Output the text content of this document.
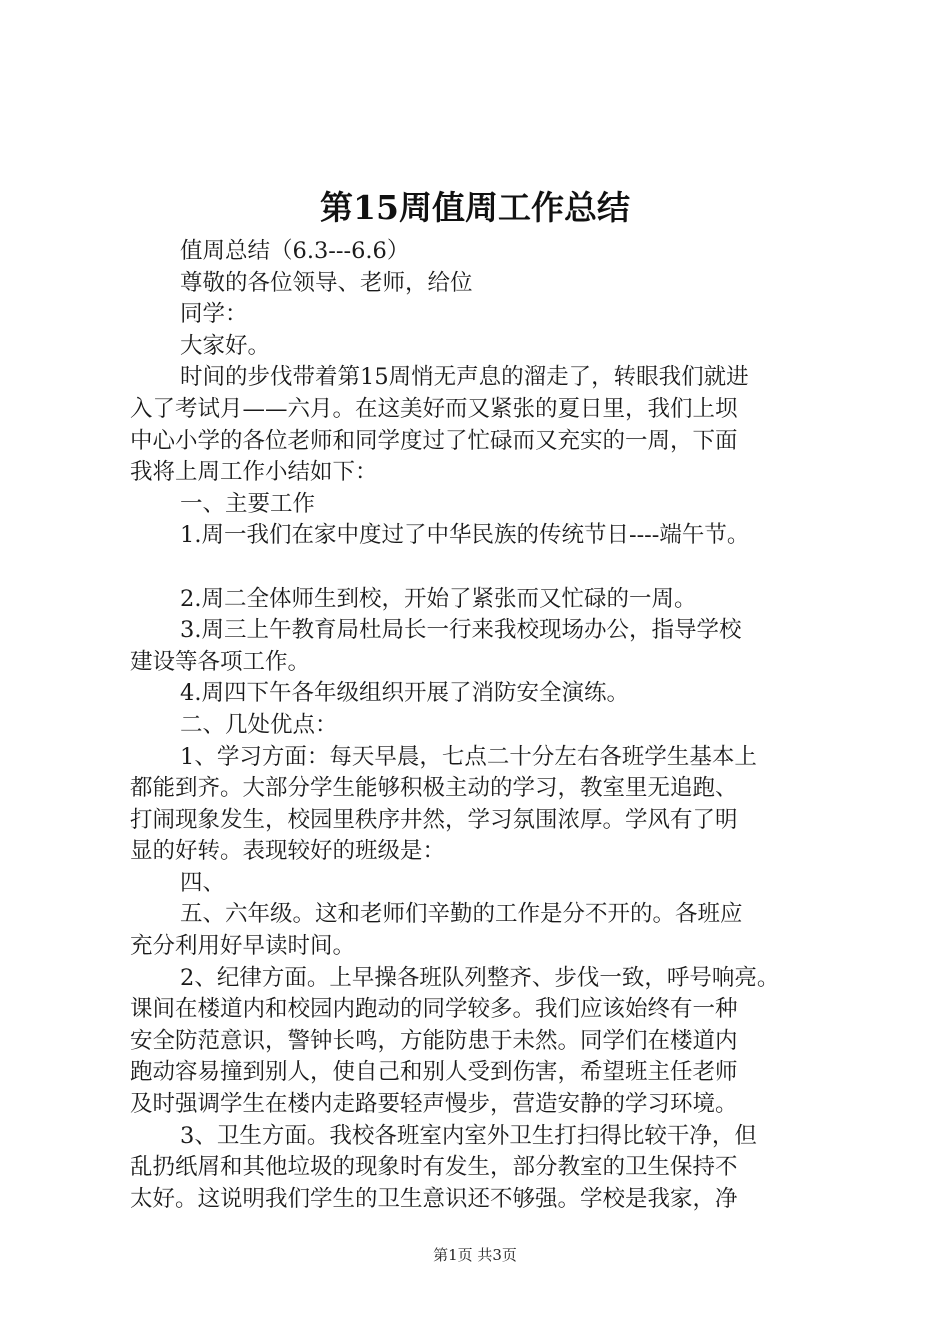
第15周值周工作总结
值周总结（6.3---6.6）
尊敬的各位领导、老师，给位
同学：
大家好。
时间的步伐带着第15周悄无声息的溜走了，转眼我们就进
入了考试月——六月。在这美好而又紧张的夏日里，我们上坝
中心小学的各位老师和同学度过了忙碌而又充实的一周，下面
我将上周工作小结如下：
一、主要工作
1.周一我们在家中度过了中华民族的传统节日----端午节。
2.周二全体师生到校，开始了紧张而又忙碌的一周。
3.周三上午教育局杜局长一行来我校现场办公，指导学校
建设等各项工作。
4.周四下午各年级组织开展了消防安全演练。
二、几处优点：
1、学习方面：每天早晨，七点二十分左右各班学生基本上
都能到齐。大部分学生能够积极主动的学习，教室里无追跑、
打闹现象发生，校园里秩序井然，学习氛围浓厚。学风有了明
显的好转。表现较好的班级是：
四、
五、六年级。这和老师们辛勤的工作是分不开的。各班应
充分利用好早读时间。
2、纪律方面。上早操各班队列整齐、步伐一致，呼号响亮。
课间在楼道内和校园内跑动的同学较多。我们应该始终有一种
安全防范意识，警钟长鸣，方能防患于未然。同学们在楼道内
跑动容易撞到别人，使自己和别人受到伤害，希望班主任老师
及时强调学生在楼内走路要轻声慢步，营造安静的学习环境。
3、卫生方面。我校各班室内室外卫生打扫得比较干净，但
乱扔纸屑和其他垃圾的现象时有发生，部分教室的卫生保持不
太好。这说明我们学生的卫生意识还不够强。学校是我家，净
第1页 共3页
